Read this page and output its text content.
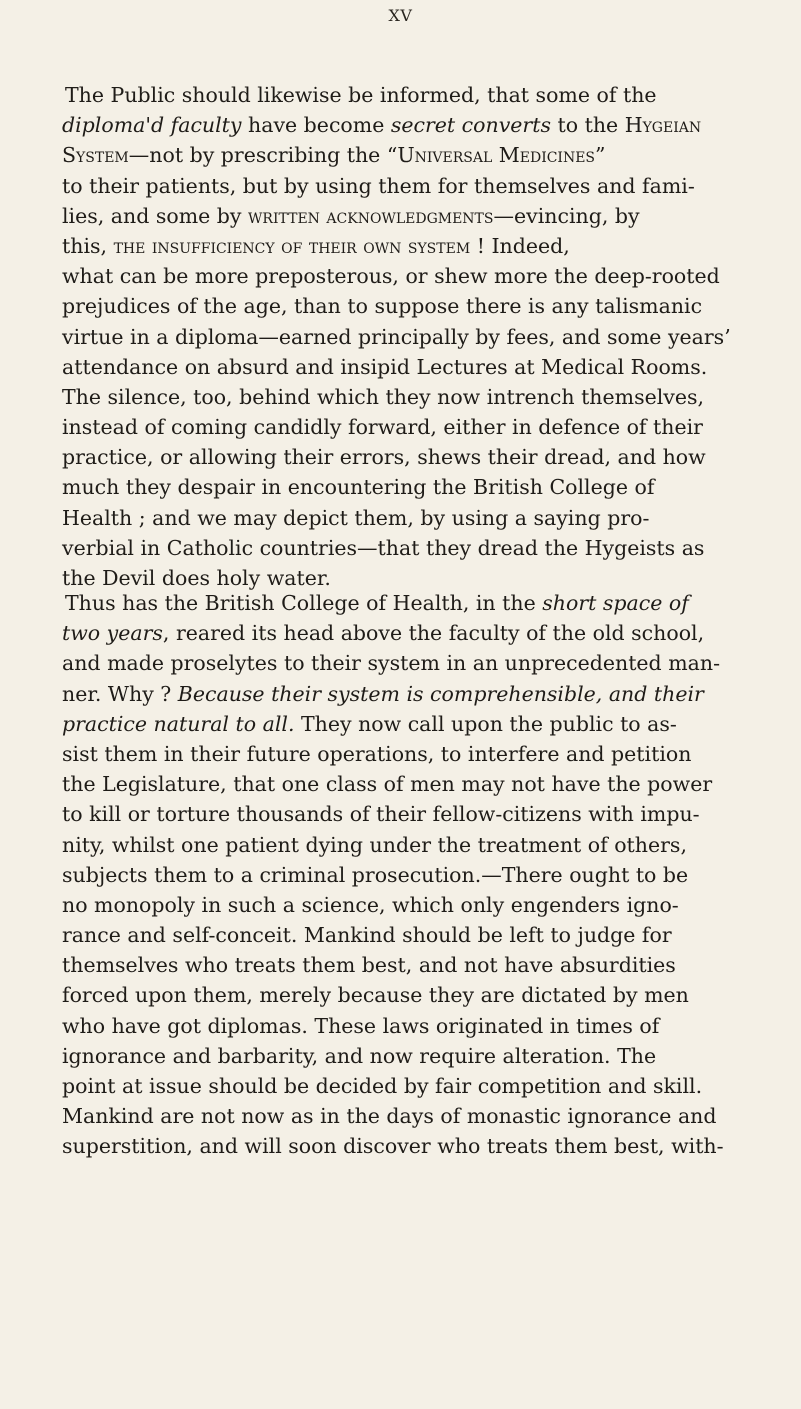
XV
The Public should likewise be informed, that some of the
diploma'd faculty have become secret converts to the Hygeian
System—not by prescribing the “Universal Medicines”
to their patients, but by using them for themselves and fami-
lies, and some by written acknowledgments—evincing, by
this, the insufficiency of their own system ! Indeed,
what can be more preposterous, or shew more the deep-rooted
prejudices of the age, than to suppose there is any talismanic
virtue in a diploma—earned principally by fees, and some years’
attendance on absurd and insipid Lectures at Medical Rooms.
The silence, too, behind which they now intrench themselves,
instead of coming candidly forward, either in defence of their
practice, or allowing their errors, shews their dread, and how
much they despair in encountering the British College of
Health ; and we may depict them, by using a saying pro-
verbial in Catholic countries—that they dread the Hygeists as
the Devil does holy water.
Thus has the British College of Health, in the short space of
two years, reared its head above the faculty of the old school,
and made proselytes to their system in an unprecedented man-
ner. Why ? Because their system is comprehensible, and their
practice natural to all. They now call upon the public to as-
sist them in their future operations, to interfere and petition
the Legislature, that one class of men may not have the power
to kill or torture thousands of their fellow-citizens with impu-
nity, whilst one patient dying under the treatment of others,
subjects them to a criminal prosecution.—There ought to be
no monopoly in such a science, which only engenders igno-
rance and self-conceit. Mankind should be left to judge for
themselves who treats them best, and not have absurdities
forced upon them, merely because they are dictated by men
who have got diplomas. These laws originated in times of
ignorance and barbarity, and now require alteration. The
point at issue should be decided by fair competition and skill.
Mankind are not now as in the days of monastic ignorance and
superstition, and will soon discover who treats them best, with-
